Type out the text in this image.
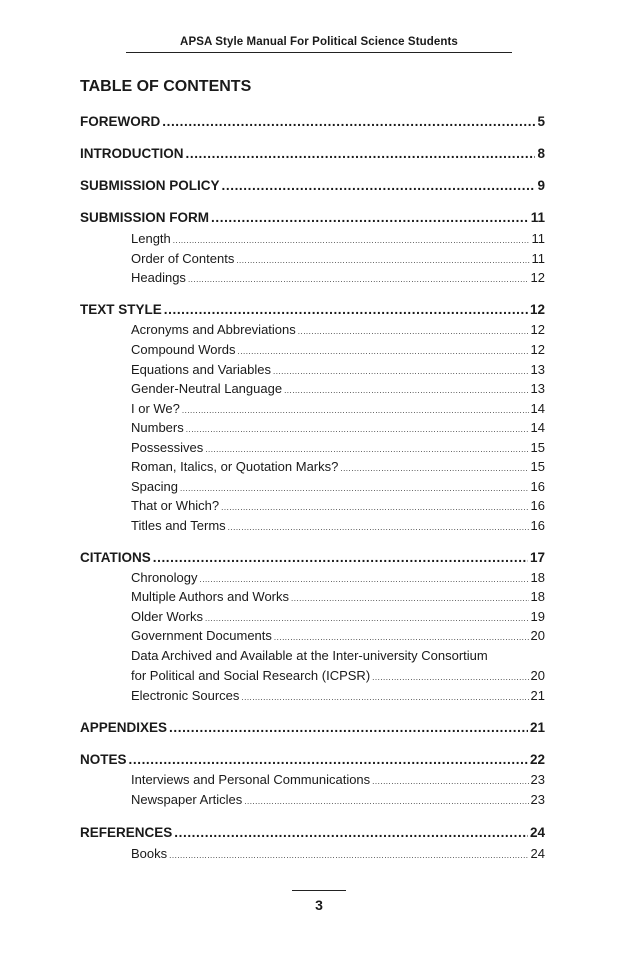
APSA Style Manual For Political Science Students
TABLE OF CONTENTS
FOREWORD .....	5
INTRODUCTION .....	8
SUBMISSION POLICY .....	9
SUBMISSION FORM .....	11
Length .....	11
Order of Contents .....	11
Headings .....	12
TEXT STYLE .....	12
Acronyms and Abbreviations .....	12
Compound Words .....	12
Equations and Variables .....	13
Gender-Neutral Language .....	13
I or We? .....	14
Numbers .....	14
Possessives .....	15
Roman, Italics, or Quotation Marks? .....	15
Spacing .....	16
That or Which? .....	16
Titles and Terms .....	16
CITATIONS .....	17
Chronology .....	18
Multiple Authors and Works .....	18
Older Works .....	19
Government Documents .....	20
Data Archived and Available at the Inter-university Consortium
for Political and Social Research (ICPSR) .....	20
Electronic Sources .....	21
APPENDIXES .....	21
NOTES .....	22
Interviews and Personal Communications .....	23
Newspaper Articles .....	23
REFERENCES .....	24
Books .....	24
3
